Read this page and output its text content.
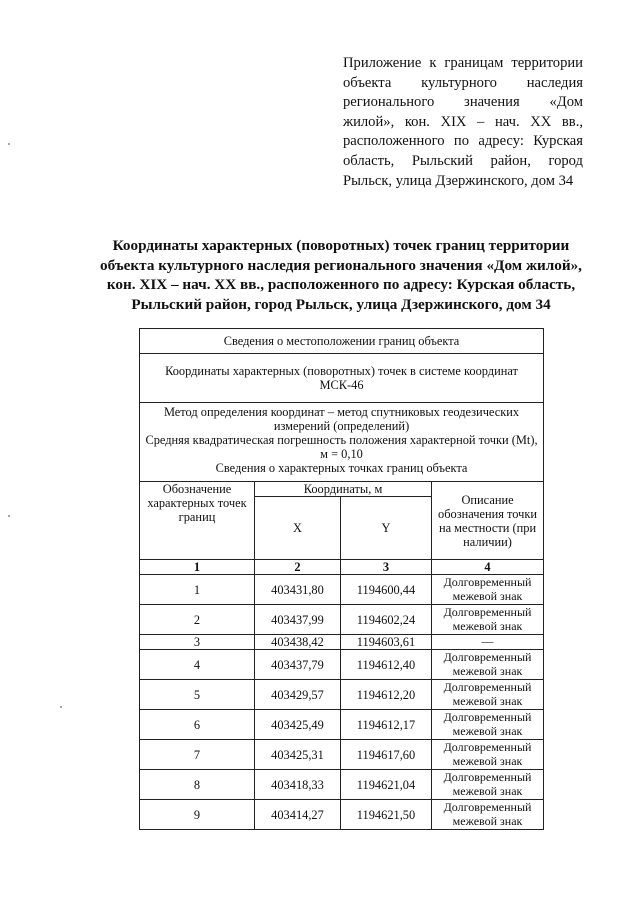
Приложение к границам территории объекта культурного наследия регионального значения «Дом жилой», кон. XIX – нач. XX вв., расположенного по адресу: Курская область, Рыльский район, город Рыльск, улица Дзержинского, дом 34
Координаты характерных (поворотных) точек границ территории объекта культурного наследия регионального значения «Дом жилой», кон. XIX – нач. XX вв., расположенного по адресу: Курская область, Рыльский район, город Рыльск, улица Дзержинского, дом 34
Сведения о местоположении границ объекта			
Координаты характерных (поворотных) точек в системе координат МСК-46			

Метод определения координат – метод спутниковых геодезических измерений (определений)
Средняя квадратическая погрешность положения характерной точки (Mt), м = 0,10
Сведения о характерных точках границ объекта			

Обозначение характерных точек границ	Координаты, м		Описание обозначения точки на местности (при наличии)
	X	Y	
1	2	3	4
1	403431,80	1194600,44	Долговременный межевой знак
2	403437,99	1194602,24	Долговременный межевой знак
3	403438,42	1194603,61	—
4	403437,79	1194612,40	Долговременный межевой знак
5	403429,57	1194612,20	Долговременный межевой знак
6	403425,49	1194612,17	Долговременный межевой знак
7	403425,31	1194617,60	Долговременный межевой знак
8	403418,33	1194621,04	Долговременный межевой знак
9	403414,27	1194621,50	Долговременный межевой знак
